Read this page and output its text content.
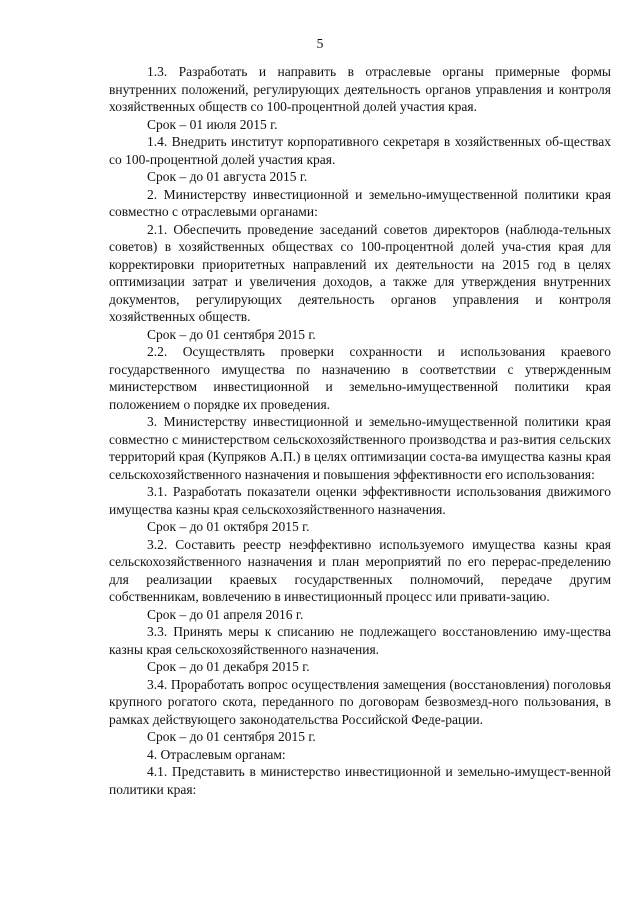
5

1.3. Разработать и направить в отраслевые органы примерные формы внутренних положений, регулирующих деятельность органов управления и контроля хозяйственных обществ со 100-процентной долей участия края.

Срок – 01 июля 2015 г.

1.4. Внедрить институт корпоративного секретаря в хозяйственных об-ществах со 100-процентной долей участия края.

Срок – до 01 августа 2015 г.

2. Министерству инвестиционной и земельно-имущественной политики края совместно с отраслевыми органами:

2.1. Обеспечить проведение заседаний советов директоров (наблюда-тельных советов) в хозяйственных обществах со 100-процентной долей уча-стия края для корректировки приоритетных направлений их деятельности на 2015 год в целях оптимизации затрат и увеличения доходов, а также для утверждения внутренних документов, регулирующих деятельность органов управления и контроля хозяйственных обществ.

Срок – до 01 сентября 2015 г.

2.2. Осуществлять проверки сохранности и использования краевого государственного имущества по назначению в соответствии с утвержденным министерством инвестиционной и земельно-имущественной политики края положением о порядке их проведения.

3. Министерству инвестиционной и земельно-имущественной политики края совместно с министерством сельскохозяйственного производства и раз-вития сельских территорий края (Купряков А.П.) в целях оптимизации соста-ва имущества казны края сельскохозяйственного назначения и повышения эффективности его использования:

3.1. Разработать показатели оценки эффективности использования движимого имущества казны края сельскохозяйственного назначения.

Срок – до 01 октября 2015 г.

3.2. Составить реестр неэффективно используемого имущества казны края сельскохозяйственного назначения и план мероприятий по его перерас-пределению для реализации краевых государственных полномочий, передаче другим собственникам, вовлечению в инвестиционный процесс или привати-зацию.

Срок – до 01 апреля 2016 г.

3.3. Принять меры к списанию не подлежащего восстановлению иму-щества казны края сельскохозяйственного назначения.

Срок – до 01 декабря 2015 г.

3.4. Проработать вопрос осуществления замещения (восстановления) поголовья крупного рогатого скота, переданного по договорам безвозмезд-ного пользования, в рамках действующего законодательства Российской Феде-рации.

Срок – до 01 сентября 2015 г.

4. Отраслевым органам:

4.1. Представить в министерство инвестиционной и земельно-имущест-венной политики края:
